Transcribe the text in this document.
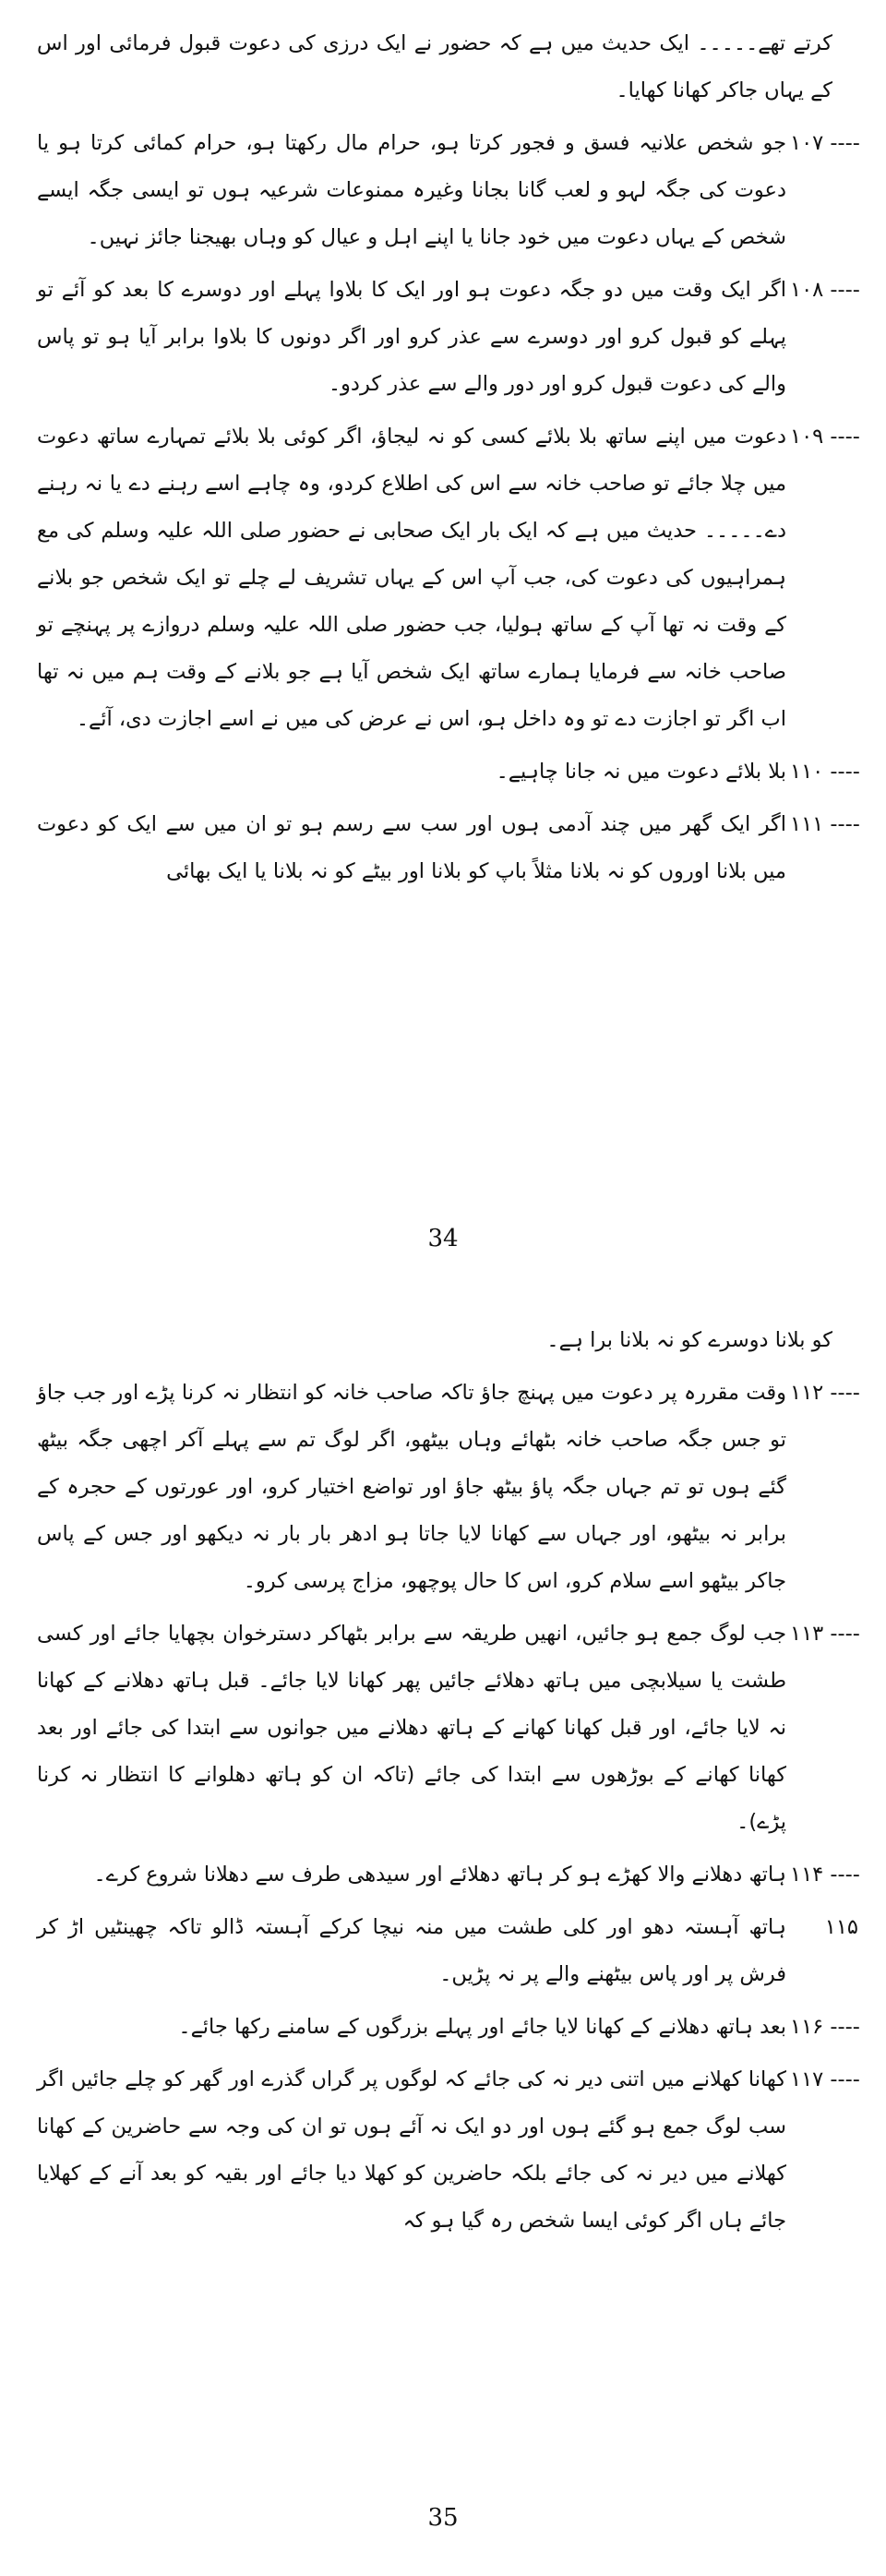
کرتے تھے۔۔۔۔۔ ایک حدیث میں ہے کہ حضور نے ایک درزی کی دعوت قبول فرمائی اور اس کے یہاں جاکر کھانا کھایا۔
۱۰۷ ----
جو شخص علانیہ فسق و فجور کرتا ہو، حرام مال رکھتا ہو، حرام کمائی کرتا ہو یا دعوت کی جگہ لہو و لعب گانا بجانا وغیرہ ممنوعات شرعیہ ہوں تو ایسی جگہ ایسے شخص کے یہاں دعوت میں خود جانا یا اپنے اہل و عیال کو وہاں بھیجنا جائز نہیں۔
۱۰۸ ----
اگر ایک وقت میں دو جگہ دعوت ہو اور ایک کا بلاوا پہلے اور دوسرے کا بعد کو آئے تو پہلے کو قبول کرو اور دوسرے سے عذر کرو اور اگر دونوں کا بلاوا برابر آیا ہو تو پاس والے کی دعوت قبول کرو اور دور والے سے عذر کردو۔
۱۰۹ ----
دعوت میں اپنے ساتھ بلا بلائے کسی کو نہ لیجاؤ، اگر کوئی بلا بلائے تمہارے ساتھ دعوت میں چلا جائے تو صاحب خانہ سے اس کی اطلاع کردو، وہ چاہے اسے رہنے دے یا نہ رہنے دے۔۔۔۔۔ حدیث میں ہے کہ ایک بار ایک صحابی نے حضور صلی اللہ علیہ وسلم کی مع ہمراہیوں کی دعوت کی، جب آپ اس کے یہاں تشریف لے چلے تو ایک شخص جو بلانے کے وقت نہ تھا آپ کے ساتھ ہولیا، جب حضور صلی اللہ علیہ وسلم دروازے پر پہنچے تو صاحب خانہ سے فرمایا ہمارے ساتھ ایک شخص آیا ہے جو بلانے کے وقت ہم میں نہ تھا اب اگر تو اجازت دے تو وہ داخل ہو، اس نے عرض کی میں نے اسے اجازت دی، آئے۔
۱۱۰ ----
بلا بلائے دعوت میں نہ جانا چاہیے۔
۱۱۱ ----
اگر ایک گھر میں چند آدمی ہوں اور سب سے رسم ہو تو ان میں سے ایک کو دعوت میں بلانا اوروں کو نہ بلانا مثلاً باپ کو بلانا اور بیٹے کو نہ بلانا یا ایک بھائی
34
کو بلانا دوسرے کو نہ بلانا برا ہے۔
۱۱۲ ----
وقت مقررہ پر دعوت میں پہنچ جاؤ تاکہ صاحب خانہ کو انتظار نہ کرنا پڑے اور جب جاؤ تو جس جگہ صاحب خانہ بٹھائے وہاں بیٹھو، اگر لوگ تم سے پہلے آکر اچھی جگہ بیٹھ گئے ہوں تو تم جہاں جگہ پاؤ بیٹھ جاؤ اور تواضع اختیار کرو، اور عورتوں کے حجرہ کے برابر نہ بیٹھو، اور جہاں سے کھانا لایا جاتا ہو ادھر بار بار نہ دیکھو اور جس کے پاس جاکر بیٹھو اسے سلام کرو، اس کا حال پوچھو، مزاج پرسی کرو۔
۱۱۳ ----
جب لوگ جمع ہو جائیں، انھیں طریقہ سے برابر بٹھاکر دسترخوان بچھایا جائے اور کسی طشت یا سیلابچی میں ہاتھ دھلائے جائیں پھر کھانا لایا جائے۔ قبل ہاتھ دھلانے کے کھانا نہ لایا جائے، اور قبل کھانا کھانے کے ہاتھ دھلانے میں جوانوں سے ابتدا کی جائے اور بعد کھانا کھانے کے بوڑھوں سے ابتدا کی جائے (تاکہ ان کو ہاتھ دھلوانے کا انتظار نہ کرنا پڑے)۔
۱۱۴ ----
ہاتھ دھلانے والا کھڑے ہو کر ہاتھ دھلائے اور سیدھی طرف سے دھلانا شروع کرے۔
۱۱۵
ہاتھ آہستہ دھو اور کلی طشت میں منہ نیچا کرکے آہستہ ڈالو تاکہ چھینٹیں اڑ کر فرش پر اور پاس بیٹھنے والے پر نہ پڑیں۔
۱۱۶ ----
بعد ہاتھ دھلانے کے کھانا لایا جائے اور پہلے بزرگوں کے سامنے رکھا جائے۔
۱۱۷ ----
کھانا کھلانے میں اتنی دیر نہ کی جائے کہ لوگوں پر گراں گذرے اور گھر کو چلے جائیں اگر سب لوگ جمع ہو گئے ہوں اور دو ایک نہ آئے ہوں تو ان کی وجہ سے حاضرین کے کھانا کھلانے میں دیر نہ کی جائے بلکہ حاضرین کو کھلا دیا جائے اور بقیہ کو بعد آنے کے کھلایا جائے ہاں اگر کوئی ایسا شخص رہ گیا ہو کہ
35
